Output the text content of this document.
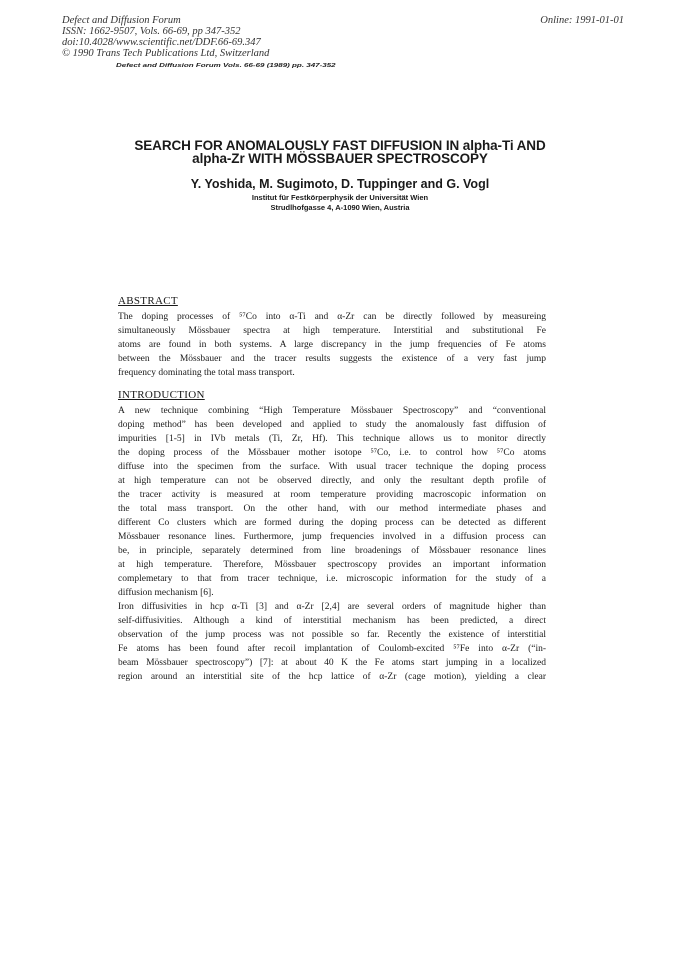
Defect and Diffusion Forum
ISSN: 1662-9507, Vols. 66-69, pp 347-352
doi:10.4028/www.scientific.net/DDF.66-69.347
© 1990 Trans Tech Publications Ltd, Switzerland
Online: 1991-01-01
Defect and Diffusion Forum Vols. 66-69 (1989) pp. 347-352
SEARCH FOR ANOMALOUSLY FAST DIFFUSION IN alpha-Ti AND
alpha-Zr WITH MÖSSBAUER SPECTROSCOPY
Y. Yoshida, M. Sugimoto, D. Tuppinger and G. Vogl
Institut für Festkörperphysik der Universität Wien
Strudlhofgasse 4, A-1090 Wien, Austria
ABSTRACT
The doping processes of ⁵⁷Co into α-Ti and α-Zr can be directly followed by measureing
simultaneously Mössbauer spectra at high temperature. Interstitial and substitutional Fe
atoms are found in both systems. A large discrepancy in the jump frequencies of Fe atoms
between the Mössbauer and the tracer results suggests the existence of a very fast jump
frequency dominating the total mass transport.
INTRODUCTION
A new technique combining “High Temperature Mössbauer Spectroscopy” and “conventional
doping method” has been developed and applied to study the anomalously fast diffusion of
impurities [1-5] in IVb metals (Ti, Zr, Hf). This technique allows us to monitor directly
the doping process of the Mössbauer mother isotope ⁵⁷Co, i.e. to control how ⁵⁷Co atoms
diffuse into the specimen from the surface. With usual tracer technique the doping process
at high temperature can not be observed directly, and only the resultant depth profile of
the tracer activity is measured at room temperature providing macroscopic information on
the total mass transport. On the other hand, with our method intermediate phases and
different Co clusters which are formed during the doping process can be detected as different
Mössbauer resonance lines. Furthermore, jump frequencies involved in a diffusion process can
be, in principle, separately determined from line broadenings of Mössbauer resonance lines
at high temperature. Therefore, Mössbauer spectroscopy provides an important information
complemetary to that from tracer technique, i.e. microscopic information for the study of a
diffusion mechanism [6].
Iron diffusivities in hcp α-Ti [3] and α-Zr [2,4] are several orders of magnitude higher than
self-diffusivities. Although a kind of interstitial mechanism has been predicted, a direct
observation of the jump process was not possible so far. Recently the existence of interstitial
Fe atoms has been found after recoil implantation of Coulomb-excited ⁵⁷Fe into α-Zr (“in-
beam Mössbauer spectroscopy”) [7]: at about 40 K the Fe atoms start jumping in a localized
region around an interstitial site of the hcp lattice of α-Zr (cage motion), yielding a clear
